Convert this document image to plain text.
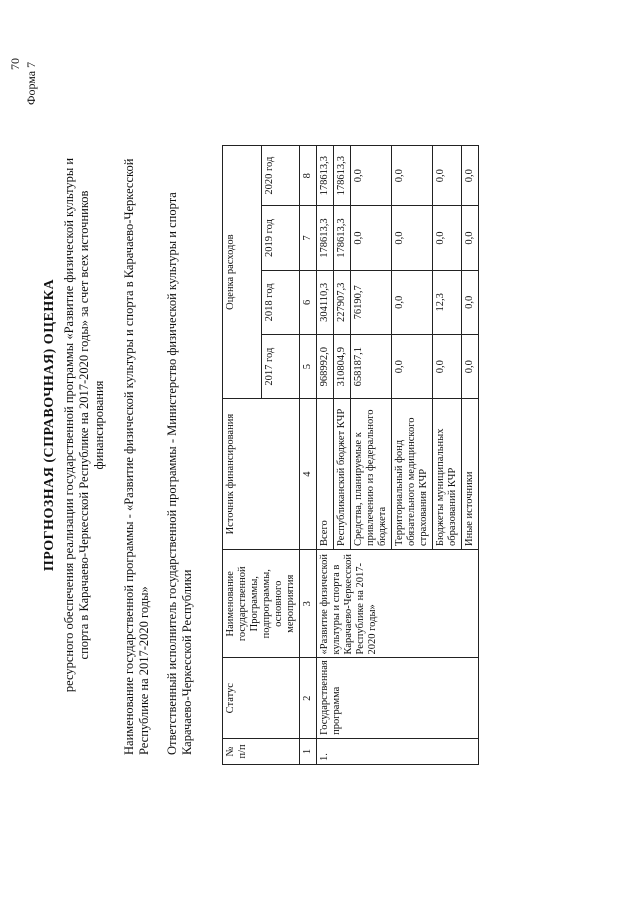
70 Форма 7
ПРОГНОЗНАЯ (СПРАВОЧНАЯ) ОЦЕНКА ресурсного обеспечения реализации государственной программы «Развитие физической культуры и спорта в Карачаево-Черкесской Республике на 2017-2020 годы» за счет всех источников финансирования Наименование государственной программы - «Развитие физической культуры и спорта в Карачаево-Черкесской Республике на 2017-2020 годы» Ответственный исполнитель государственной программы - Министерство физической культуры и спорта Карачаево-Черкесской Республики	№ п/п	Статус	Наименование государственной Программы, подпрограммы, основного мероприятия	Источник финансирования	Оценка расходов			
				2017 год	2018 год	2019 год	2020 год
1	2	3	4	5	6	7	8
1.	Государственная программа	«Развитие физической культуры и спорта в Карачаево-Черкесской Республике на 2017-2020 годы»	Всего	968992,0	304110,3	178613,3	178613,3
			Республиканский бюджет КЧР	310804,9	227907,3	178613,3	178613,3
			Средства, планируемые к привлечению из федерального бюджета	658187,1	76190,7	0,0	0,0
			Территориальный фонд обязательного медицинского страхования КЧР	0,0	0,0	0,0	0,0
			Бюджеты муниципальных образований КЧР	0,0	12,3	0,0	0,0
			Иные источники	0,0	0,0	0,0	0,0
